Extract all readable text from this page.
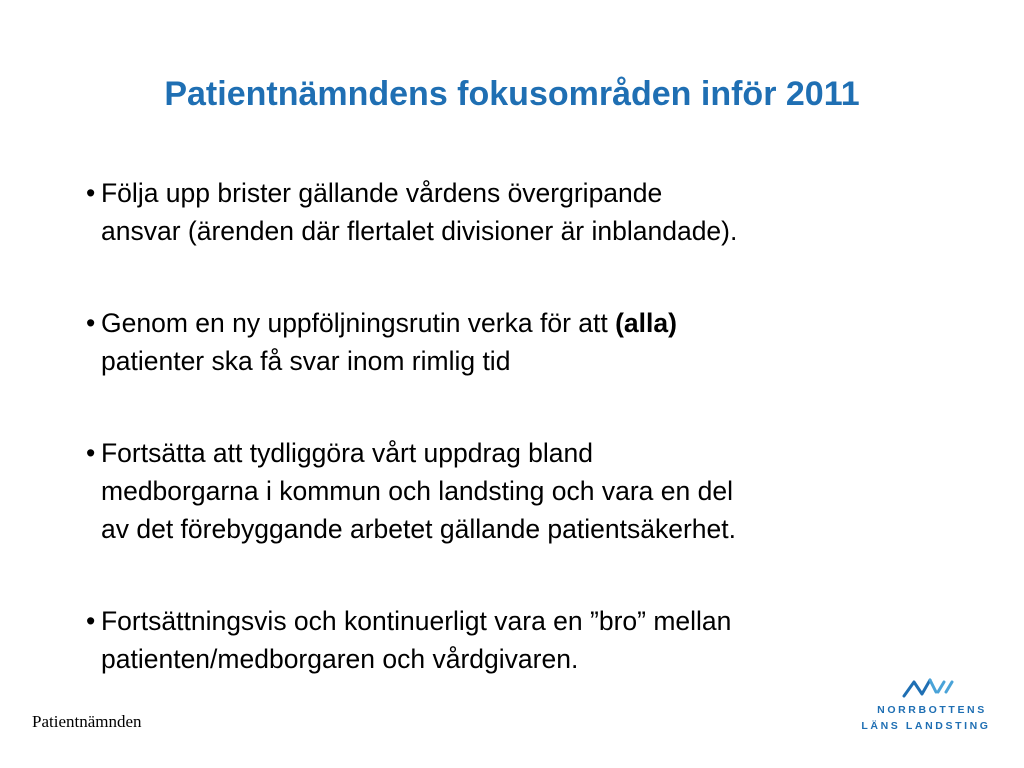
Patientnämndens fokusområden inför 2011
• Följa upp brister gällande vårdens övergripande
ansvar (ärenden där flertalet divisioner är inblandade).
• Genom en ny uppföljningsrutin verka för att (alla)
patienter ska få svar inom rimlig tid
• Fortsätta att tydliggöra vårt uppdrag bland
medborgarna i kommun och landsting och vara en del
av det förebyggande arbetet gällande patientsäkerhet.
• Fortsättningsvis och kontinuerligt vara en ”bro” mellan
patienten/medborgaren och vårdgivaren.
Patientnämnden
NORRBOTTENS
LÄNS LANDSTING
